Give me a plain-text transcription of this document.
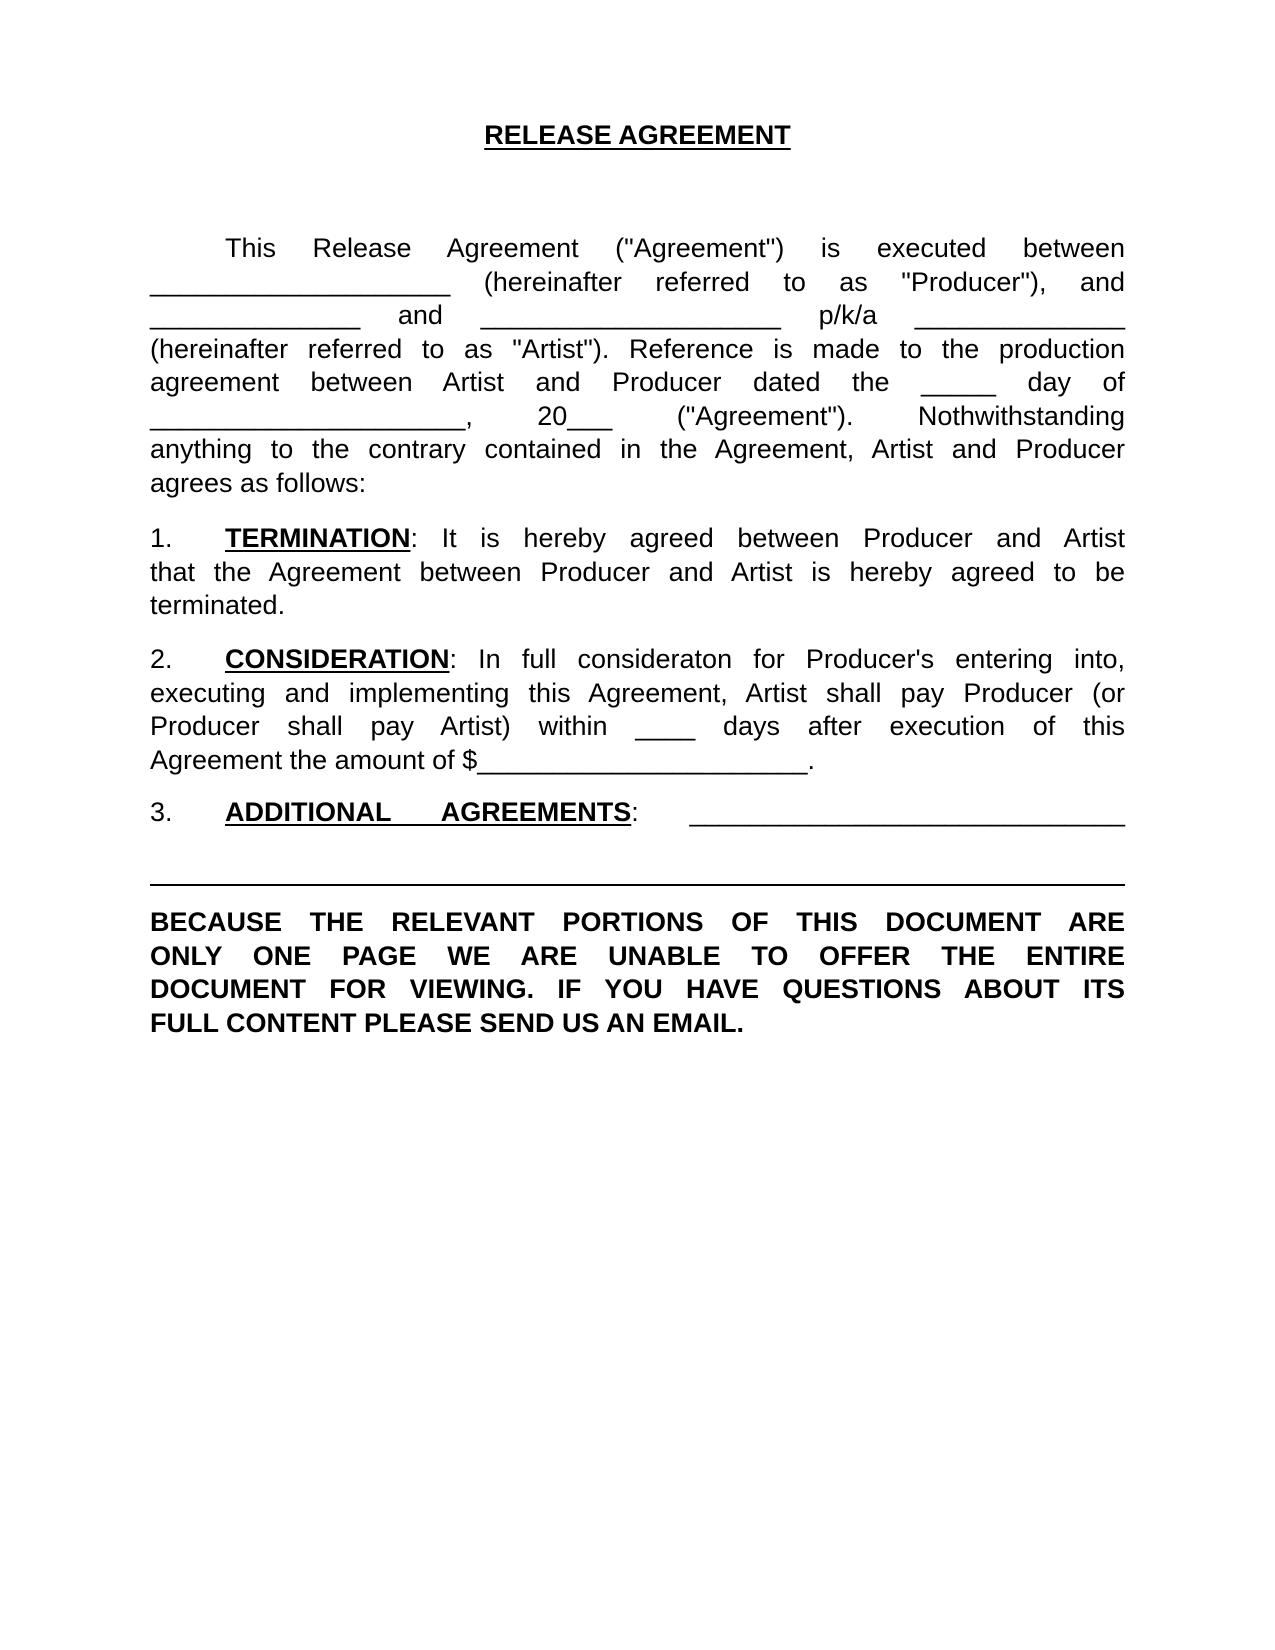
RELEASE AGREEMENT
This Release Agreement ("Agreement") is executed between
____________________ (hereinafter referred to as "Producer"), and
______________ and ____________________ p/k/a ______________
(hereinafter referred to as "Artist"). Reference is made to the production
agreement between Artist and Producer dated the _____ day of
_____________________, 20___ ("Agreement"). Nothwithstanding
anything to the contrary contained in the Agreement, Artist and Producer
agrees as follows:
1. TERMINATION: It is hereby agreed between Producer and Artist
that the Agreement between Producer and Artist is hereby agreed to be
terminated.
2. CONSIDERATION: In full consideraton for Producer's entering into,
executing and implementing this Agreement, Artist shall pay Producer (or
Producer shall pay Artist) within ____ days after execution of this
Agreement the amount of $______________________.
3. ADDITIONAL AGREEMENTS: _____________________________
BECAUSE THE RELEVANT PORTIONS OF THIS DOCUMENT ARE
ONLY ONE PAGE WE ARE UNABLE TO OFFER THE ENTIRE
DOCUMENT FOR VIEWING. IF YOU HAVE QUESTIONS ABOUT ITS
FULL CONTENT PLEASE SEND US AN EMAIL.
